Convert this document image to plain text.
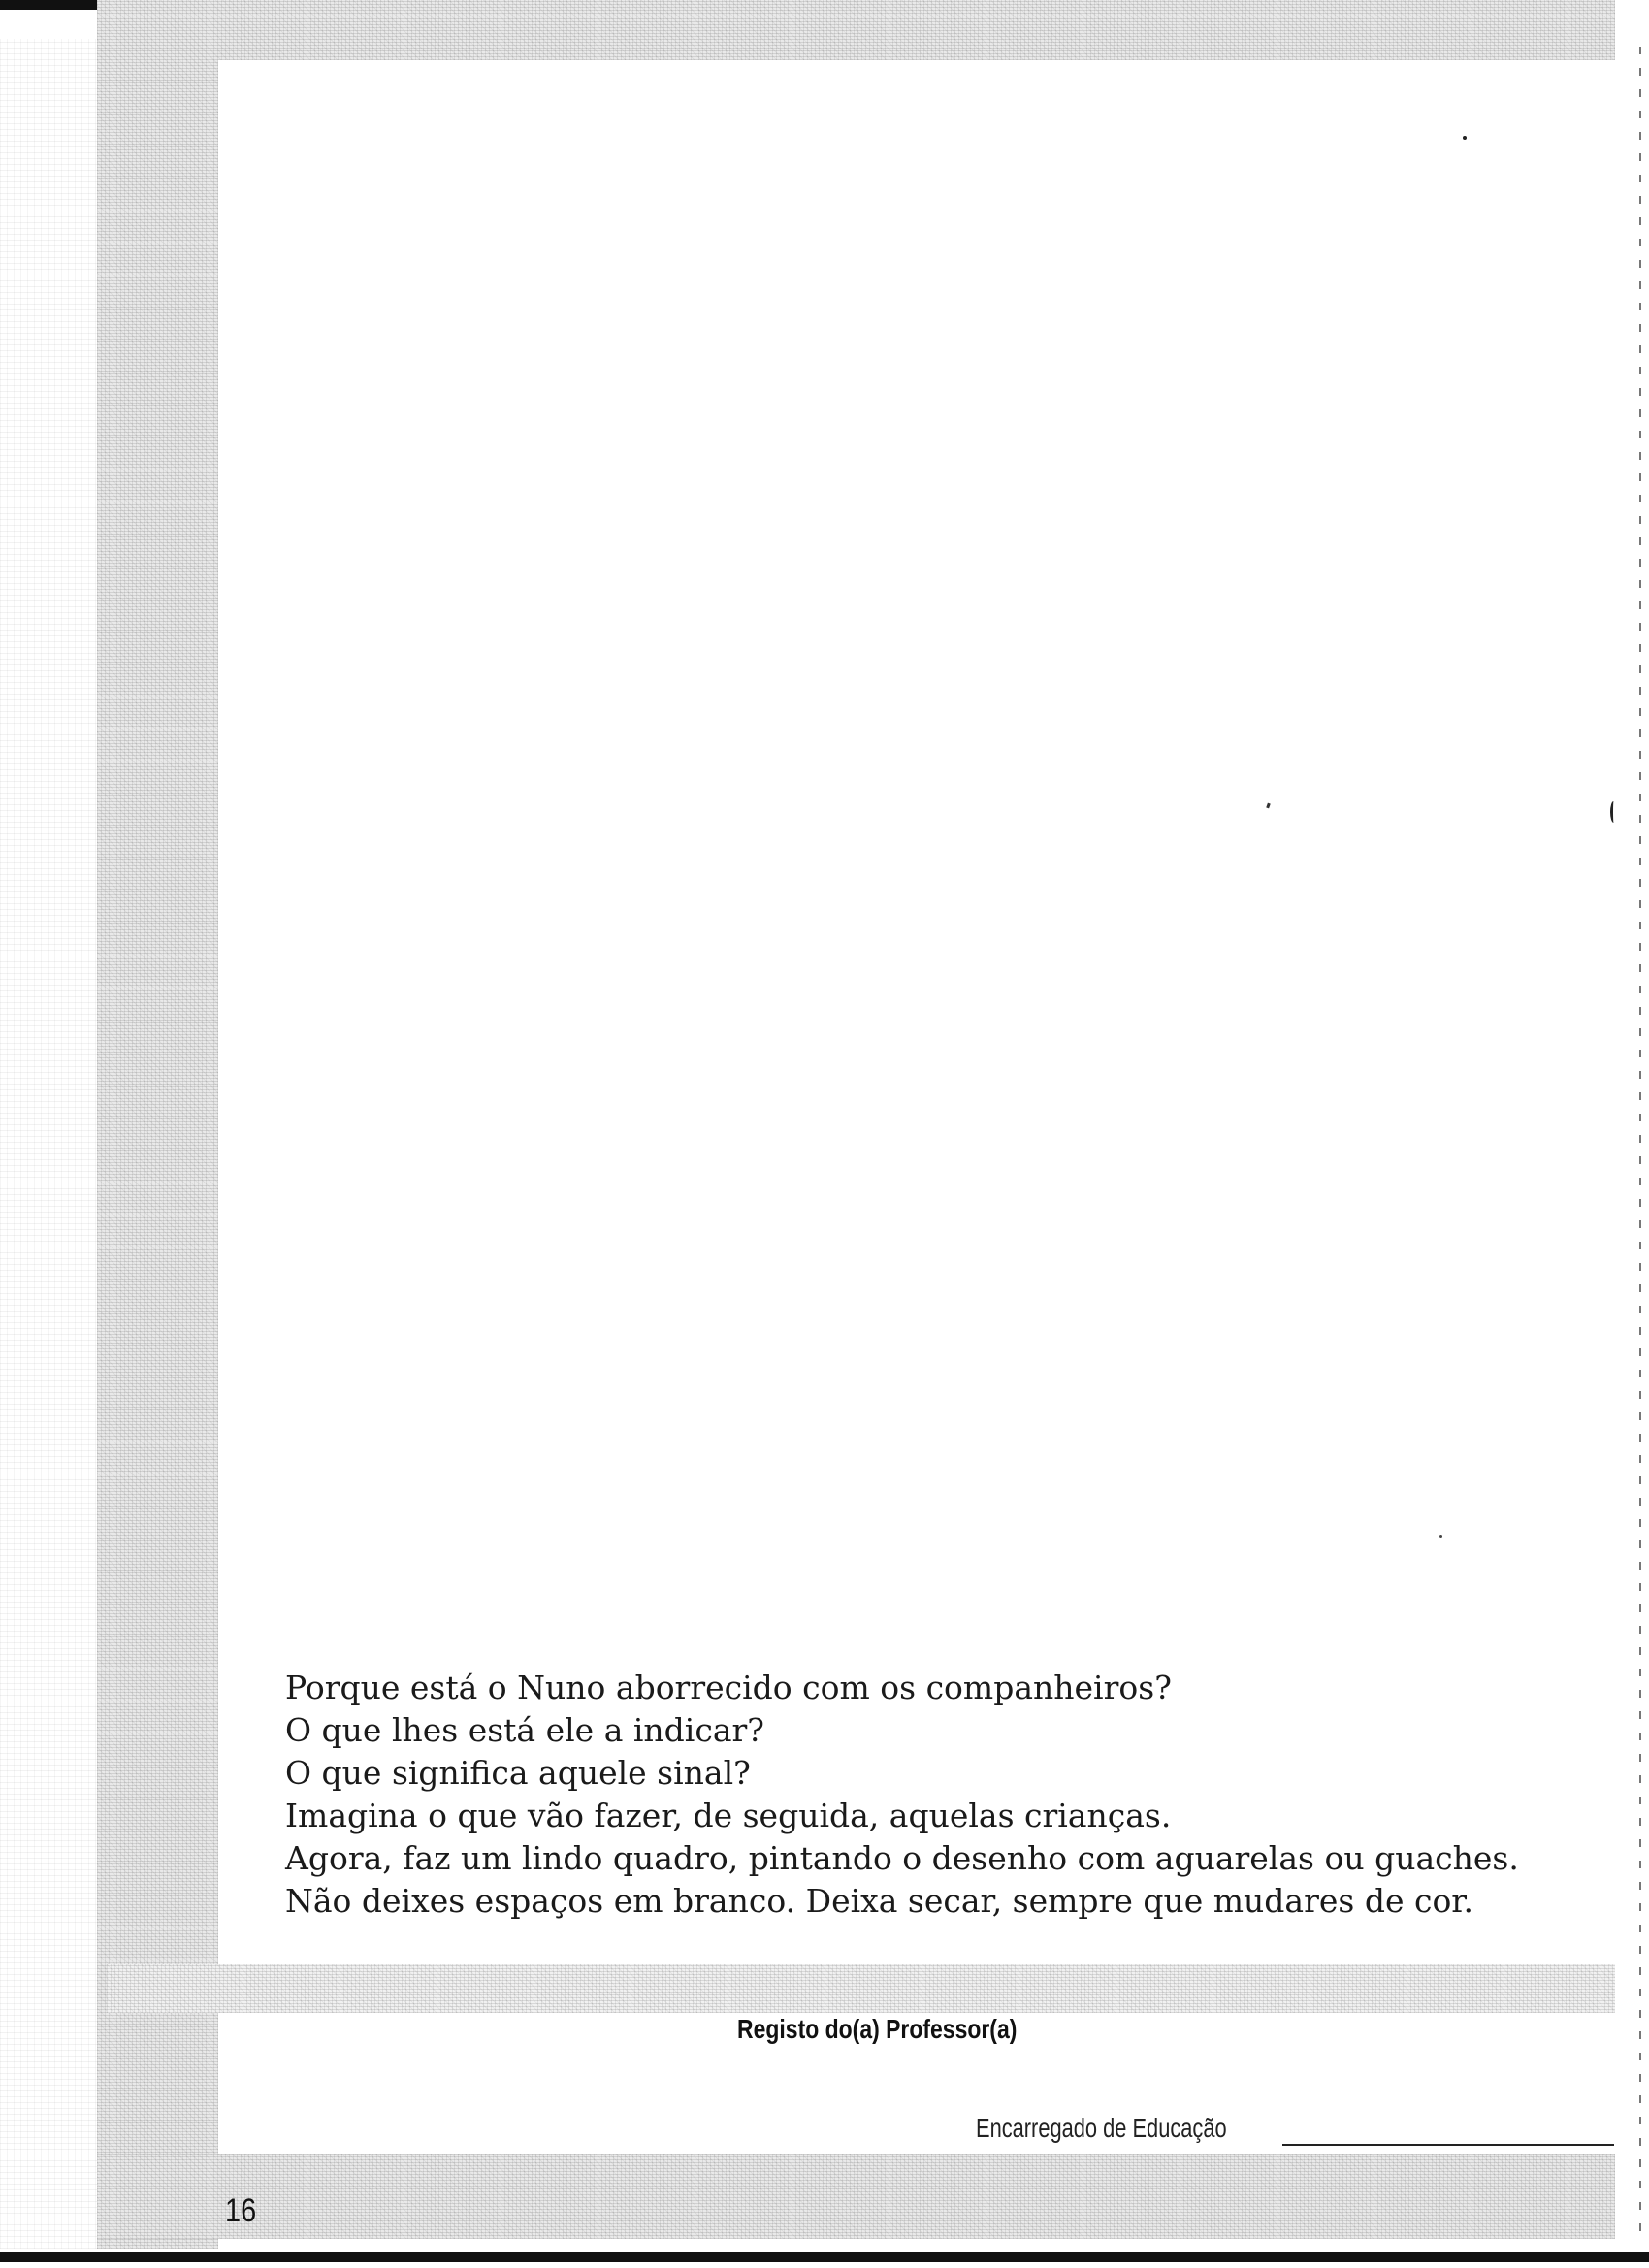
Porque está o Nuno aborrecido com os companheiros?
O que lhes está ele a indicar?
O que significa aquele sinal?
Imagina o que vão fazer, de seguida, aquelas crianças.
Agora, faz um lindo quadro, pintando o desenho com aguarelas ou guaches.
Não deixes espaços em branco. Deixa secar, sempre que mudares de cor.
Registo do(a) Professor(a)
Encarregado de Educação
16
